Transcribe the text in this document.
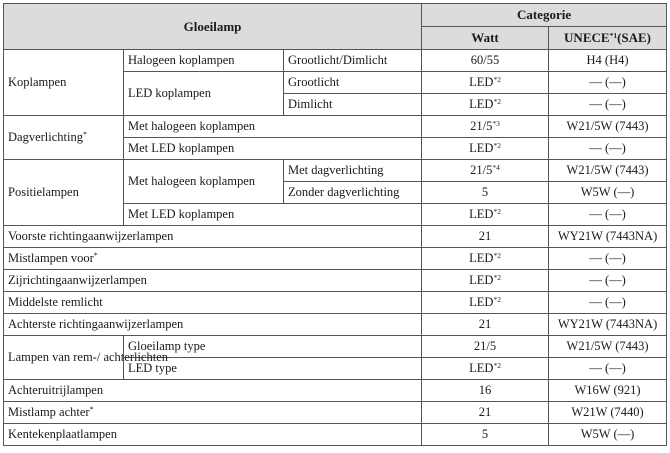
Gloeilamp			Categorie	
			Watt	UNECE$^{*1}$(SAE)
Koplampen	Halogeen koplampen	Grootlicht/Dimlicht	60/55	H4 (H4)
	LED koplampen	Grootlicht	LED$^{*2}$	— (—)
		Dimlicht	LED$^{*2}$	— (—)
Dagverlichting*	Met halogeen koplampen		21/5$^{*3}$	W21/5W (7443)
	Met LED koplampen		LED$^{*2}$	— (—)
Positielampen	Met halogeen koplampen	Met dagverlichting	21/5$^{*4}$	W21/5W (7443)
		Zonder dagverlichting	5	W5W (—)
	Met LED koplampen		LED$^{*2}$	— (—)
Voorste richtingaanwijzerlampen			21	WY21W (7443NA)
Mistlampen voor*			LED$^{*2}$	— (—)
Zijrichtingaanwijzerlampen			LED$^{*2}$	— (—)
Middelste remlicht			LED$^{*2}$	— (—)
Achterste richtingaanwijzerlampen			21	WY21W (7443NA)
Lampen van rem-/ achterlichten	Gloeilamp type		21/5	W21/5W (7443)
	LED type		LED$^{*2}$	— (—)
Achteruitrijlampen			16	W16W (921)
Mistlamp achter*			21	W21W (7440)
Kentekenplaatlampen			5	W5W (—)
